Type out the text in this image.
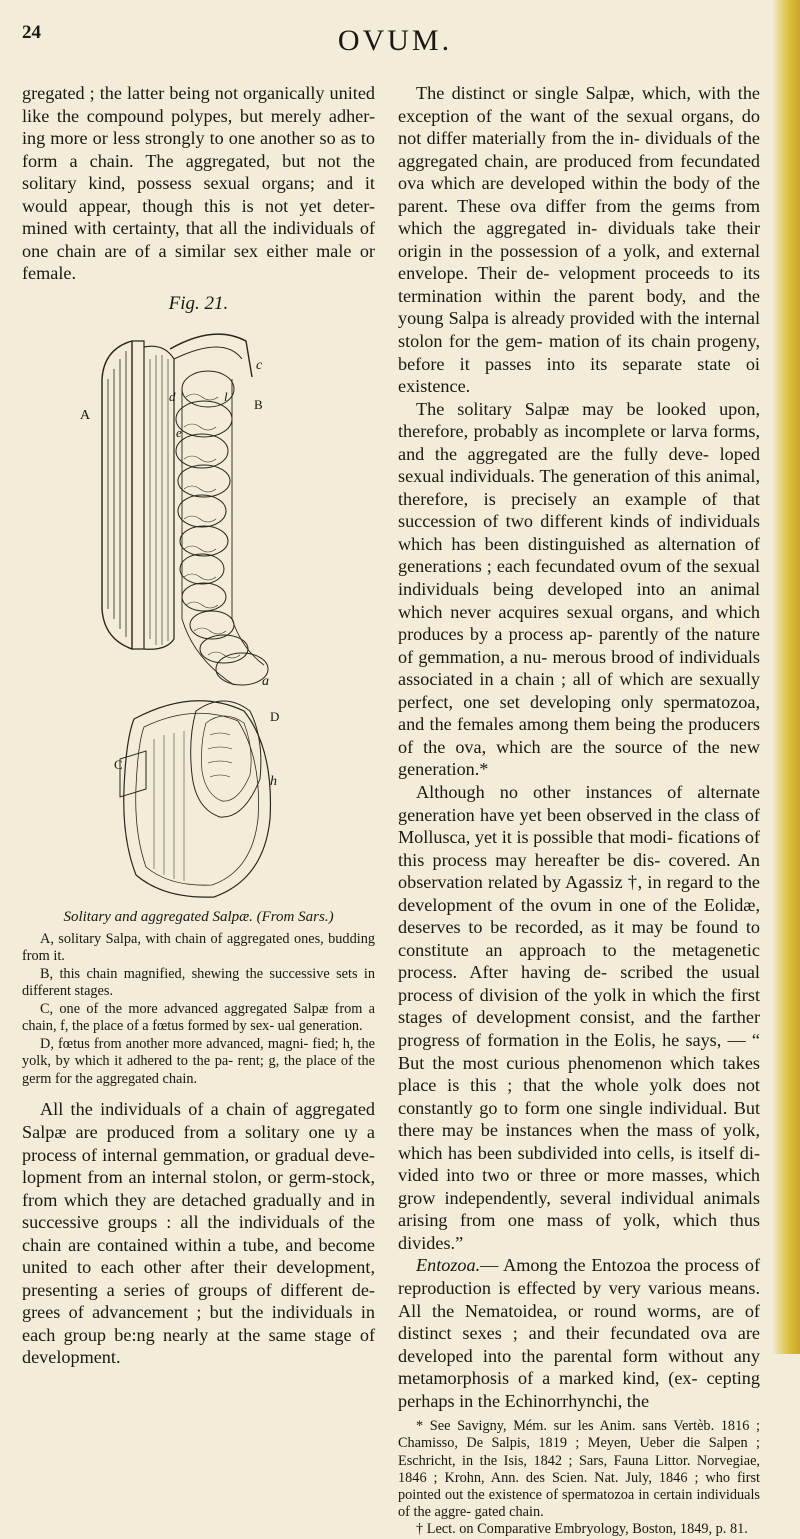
24	OVUM.

gregated ; the latter being not organically united like the compound polypes, but merely adher- ing more or less strongly to one another so as to form a chain. The aggregated, but not the solitary kind, possess sexual organs; and it would appear, though this is not yet deter- mined with certainty, that all the individuals of one chain are of a similar sex either male or female.

Fig. 21.
A
B
c
d	l
e
a
C
D
h
Solitary and aggregated Salpæ. (From Sars.)

A, solitary Salpa, with chain of aggregated ones, budding from it.

B, this chain magnified, shewing the successive sets in different stages.

C, one of the more advanced aggregated Salpæ from a chain, f, the place of a fœtus formed by sex- ual generation.

D, fœtus from another more advanced, magni- fied; h, the yolk, by which it adhered to the pa- rent; g, the place of the germ for the aggregated chain.

All the individuals of a chain of aggregated Salpæ are produced from a solitary one ɩy a process of internal gemmation, or gradual deve- lopment from an internal stolon, or germ-stock, from which they are detached gradually and in successive groups : all the individuals of the chain are contained within a tube, and become united to each other after their development, presenting a series of groups of different de- grees of advancement ; but the individuals in each group be:ng nearly at the same stage of development.

The distinct or single Salpæ, which, with the exception of the want of the sexual organs, do not differ materially from the in- dividuals of the aggregated chain, are produced from fecundated ova which are developed within the body of the parent. These ova differ from the geɪms from which the aggregated in- dividuals take their origin in the possession of a yolk, and external envelope. Their de- velopment proceeds to its termination within the parent body, and the young Salpa is already provided with the internal stolon for the gem- mation of its chain progeny, before it passes into its separate state oi existence.

The solitary Salpæ may be looked upon, therefore, probably as incomplete or larva forms, and the aggregated are the fully deve- loped sexual individuals. The generation of this animal, therefore, is precisely an example of that succession of two different kinds of individuals which has been distinguished as alternation of generations ; each fecundated ovum of the sexual individuals being developed into an animal which never acquires sexual organs, and which produces by a process ap- parently of the nature of gemmation, a nu- merous brood of individuals associated in a chain ; all of which are sexually perfect, one set developing only spermatozoa, and the females among them being the producers of the ova, which are the source of the new generation.*

Although no other instances of alternate generation have yet been observed in the class of Mollusca, yet it is possible that modi- fications of this process may hereafter be dis- covered. An observation related by Agassiz †, in regard to the development of the ovum in one of the Eolidæ, deserves to be recorded, as it may be found to constitute an approach to the metagenetic process. After having de- scribed the usual process of division of the yolk in which the first stages of development consist, and the farther progress of formation in the Eolis, he says, — “ But the most curious phenomenon which takes place is this ; that the whole yolk does not constantly go to form one single individual. But there may be instances when the mass of yolk, which has been subdivided into cells, is itself di- vided into two or three or more masses, which grow independently, several individual animals arising from one mass of yolk, which thus divides.”

Entozoa.— Among the Entozoa the process of reproduction is effected by very various means. All the Nematoidea, or round worms, are of distinct sexes ; and their fecundated ova are developed into the parental form without any metamorphosis of a marked kind, (ex- cepting perhaps in the Echinorrhynchi, the

* See Savigny, Mém. sur les Anim. sans Vertèb. 1816 ; Chamisso, De Salpis, 1819 ; Meyen, Ueber die Salpen ; Eschricht, in the Isis, 1842 ; Sars, Fauna Littor. Norvegiae, 1846 ; Krohn, Ann. des Scien. Nat. July, 1846 ; who first pointed out the existence of spermatozoa in certain individuals of the aggre- gated chain.

† Lect. on Comparative Embryology, Boston, 1849, p. 81.
